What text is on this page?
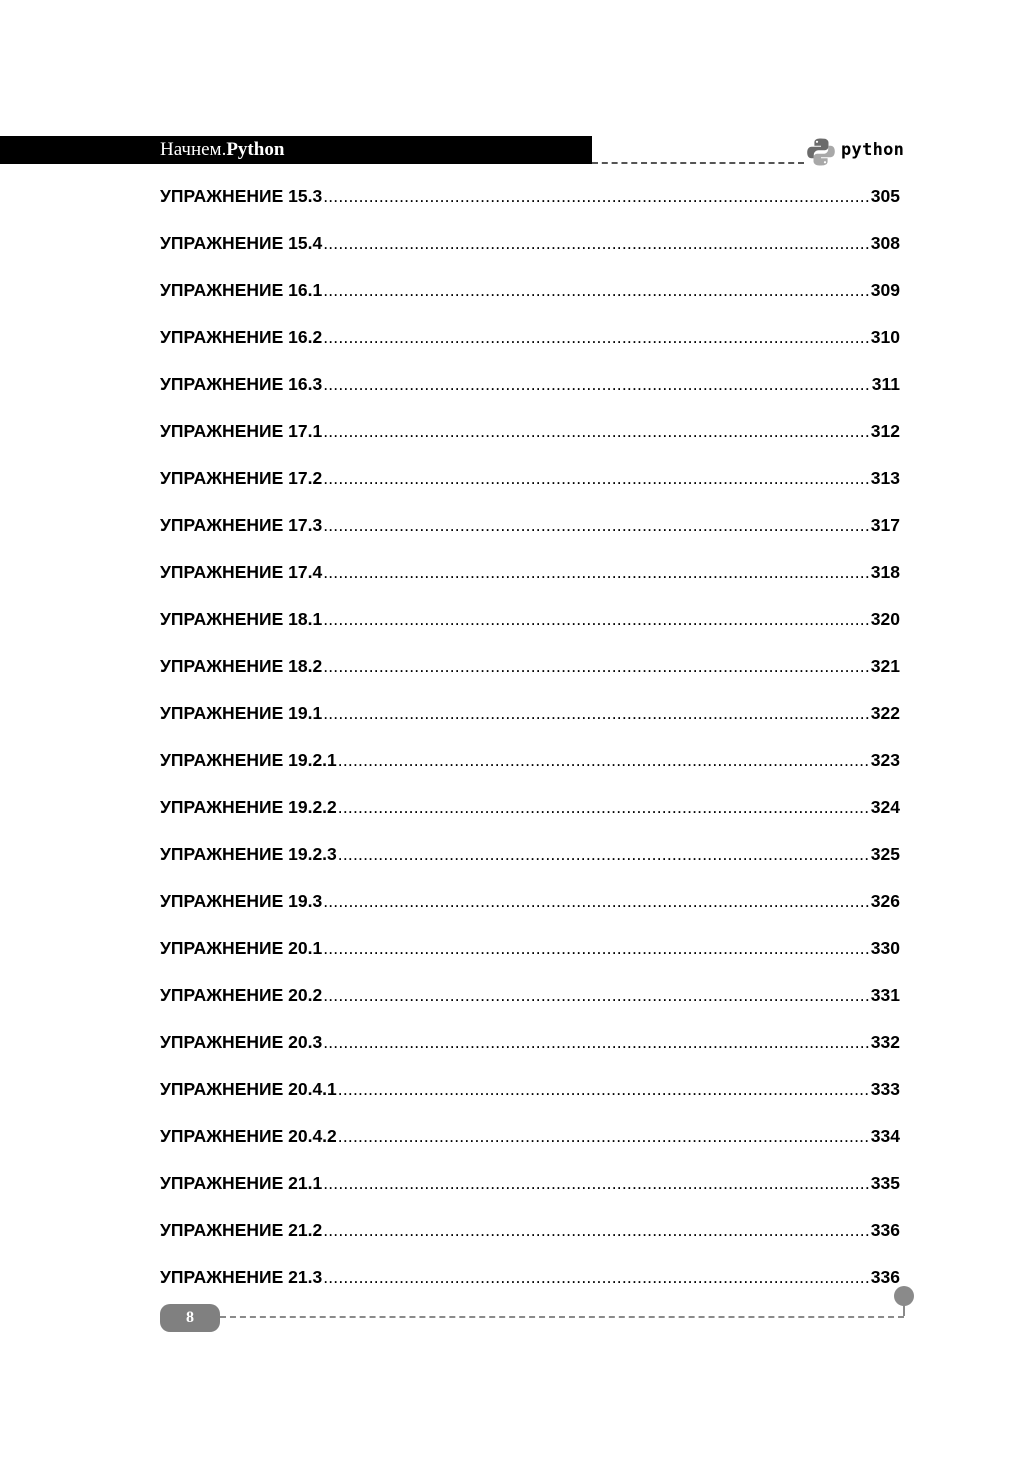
Начнем.Python	python
УПРАЖНЕНИЕ 15.3 .....	305
УПРАЖНЕНИЕ 15.4 .....	308
УПРАЖНЕНИЕ 16.1 .....	309
УПРАЖНЕНИЕ 16.2 .....	310
УПРАЖНЕНИЕ 16.3 .....	311
УПРАЖНЕНИЕ 17.1 .....	312
УПРАЖНЕНИЕ 17.2 .....	313
УПРАЖНЕНИЕ 17.3 .....	317
УПРАЖНЕНИЕ 17.4 .....	318
УПРАЖНЕНИЕ 18.1 .....	320
УПРАЖНЕНИЕ 18.2 .....	321
УПРАЖНЕНИЕ 19.1 .....	322
УПРАЖНЕНИЕ 19.2.1 .....	323
УПРАЖНЕНИЕ 19.2.2 .....	324
УПРАЖНЕНИЕ 19.2.3 .....	325
УПРАЖНЕНИЕ 19.3 .....	326
УПРАЖНЕНИЕ 20.1 .....	330
УПРАЖНЕНИЕ 20.2 .....	331
УПРАЖНЕНИЕ 20.3 .....	332
УПРАЖНЕНИЕ 20.4.1 .....	333
УПРАЖНЕНИЕ 20.4.2 .....	334
УПРАЖНЕНИЕ 21.1 .....	335
УПРАЖНЕНИЕ 21.2 .....	336
УПРАЖНЕНИЕ 21.3 .....	336
8
